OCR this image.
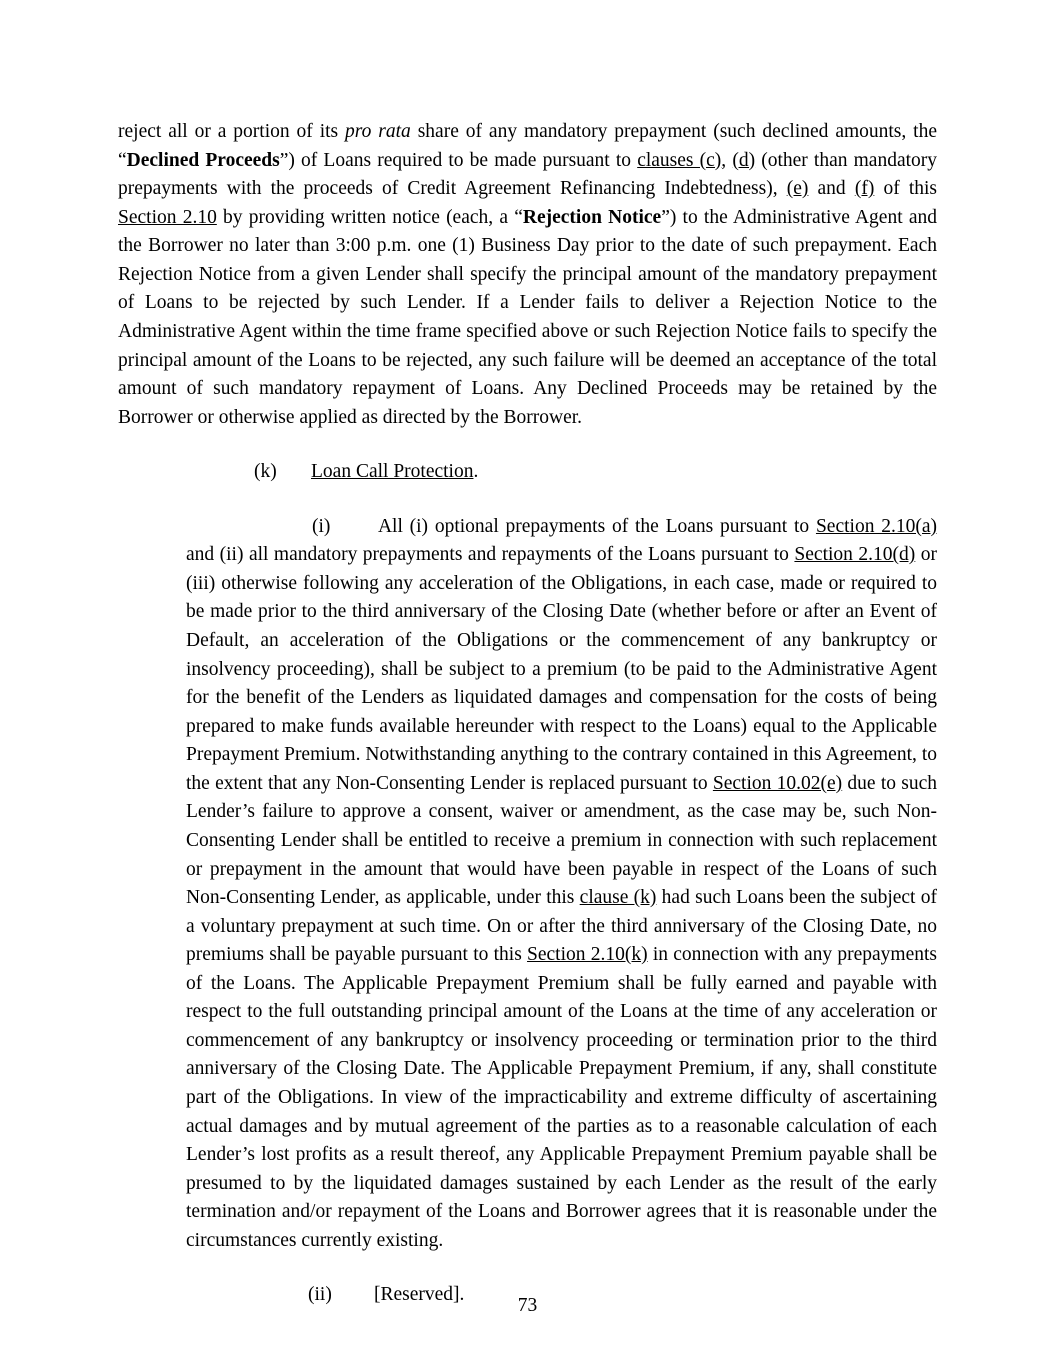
reject all or a portion of its pro rata share of any mandatory prepayment (such declined amounts, the “Declined Proceeds”) of Loans required to be made pursuant to clauses (c), (d) (other than mandatory prepayments with the proceeds of Credit Agreement Refinancing Indebtedness), (e) and (f) of this Section 2.10 by providing written notice (each, a “Rejection Notice”) to the Administrative Agent and the Borrower no later than 3:00 p.m. one (1) Business Day prior to the date of such prepayment. Each Rejection Notice from a given Lender shall specify the principal amount of the mandatory prepayment of Loans to be rejected by such Lender. If a Lender fails to deliver a Rejection Notice to the Administrative Agent within the time frame specified above or such Rejection Notice fails to specify the principal amount of the Loans to be rejected, any such failure will be deemed an acceptance of the total amount of such mandatory repayment of Loans. Any Declined Proceeds may be retained by the Borrower or otherwise applied as directed by the Borrower.

(k) Loan Call Protection.

(i) All (i) optional prepayments of the Loans pursuant to Section 2.10(a) and (ii) all mandatory prepayments and repayments of the Loans pursuant to Section 2.10(d) or (iii) otherwise following any acceleration of the Obligations, in each case, made or required to be made prior to the third anniversary of the Closing Date (whether before or after an Event of Default, an acceleration of the Obligations or the commencement of any bankruptcy or insolvency proceeding), shall be subject to a premium (to be paid to the Administrative Agent for the benefit of the Lenders as liquidated damages and compensation for the costs of being prepared to make funds available hereunder with respect to the Loans) equal to the Applicable Prepayment Premium. Notwithstanding anything to the contrary contained in this Agreement, to the extent that any Non-Consenting Lender is replaced pursuant to Section 10.02(e) due to such Lender’s failure to approve a consent, waiver or amendment, as the case may be, such Non-Consenting Lender shall be entitled to receive a premium in connection with such replacement or prepayment in the amount that would have been payable in respect of the Loans of such Non-Consenting Lender, as applicable, under this clause (k) had such Loans been the subject of a voluntary prepayment at such time. On or after the third anniversary of the Closing Date, no premiums shall be payable pursuant to this Section 2.10(k) in connection with any prepayments of the Loans. The Applicable Prepayment Premium shall be fully earned and payable with respect to the full outstanding principal amount of the Loans at the time of any acceleration or commencement of any bankruptcy or insolvency proceeding or termination prior to the third anniversary of the Closing Date. The Applicable Prepayment Premium, if any, shall constitute part of the Obligations. In view of the impracticability and extreme difficulty of ascertaining actual damages and by mutual agreement of the parties as to a reasonable calculation of each Lender’s lost profits as a result thereof, any Applicable Prepayment Premium payable shall be presumed to by the liquidated damages sustained by each Lender as the result of the early termination and/or repayment of the Loans and Borrower agrees that it is reasonable under the circumstances currently existing.

(ii) [Reserved].

73
